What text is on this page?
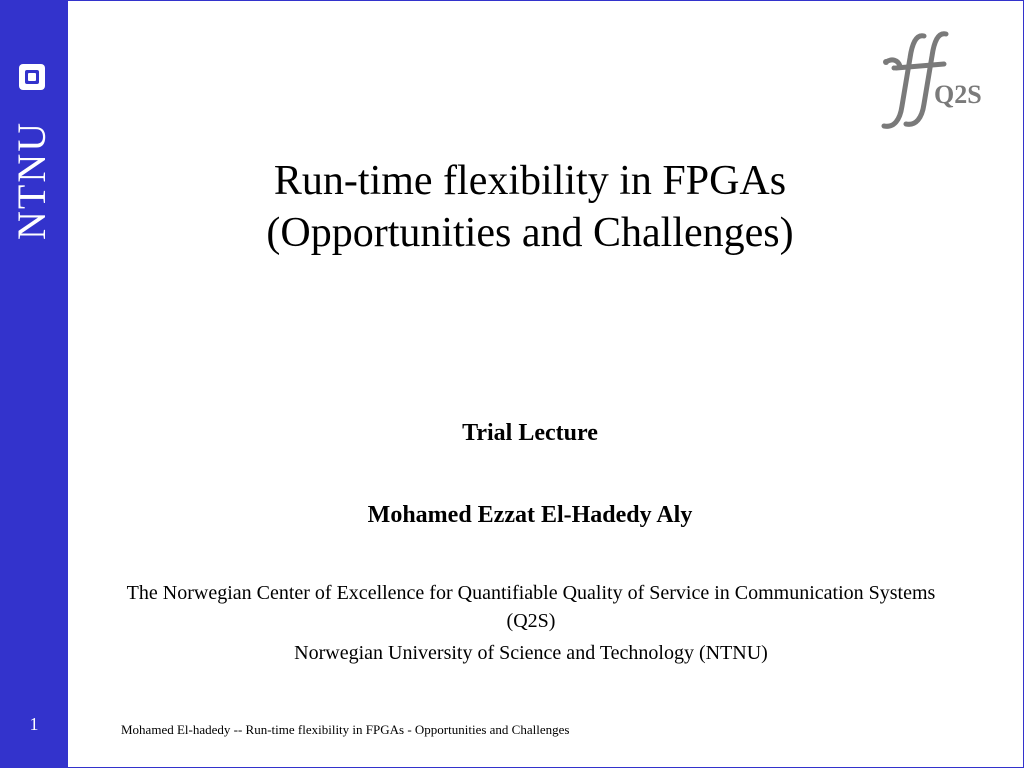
NTNU
1
Q2S
Run-time flexibility in FPGAs
(Opportunities and Challenges)
Trial Lecture
Mohamed Ezzat El-Hadedy Aly
The Norwegian Center of Excellence for Quantifiable Quality of Service in Communication Systems (Q2S)
Norwegian University of Science and Technology (NTNU)
Mohamed El-hadedy -- Run-time flexibility in FPGAs - Opportunities and Challenges
